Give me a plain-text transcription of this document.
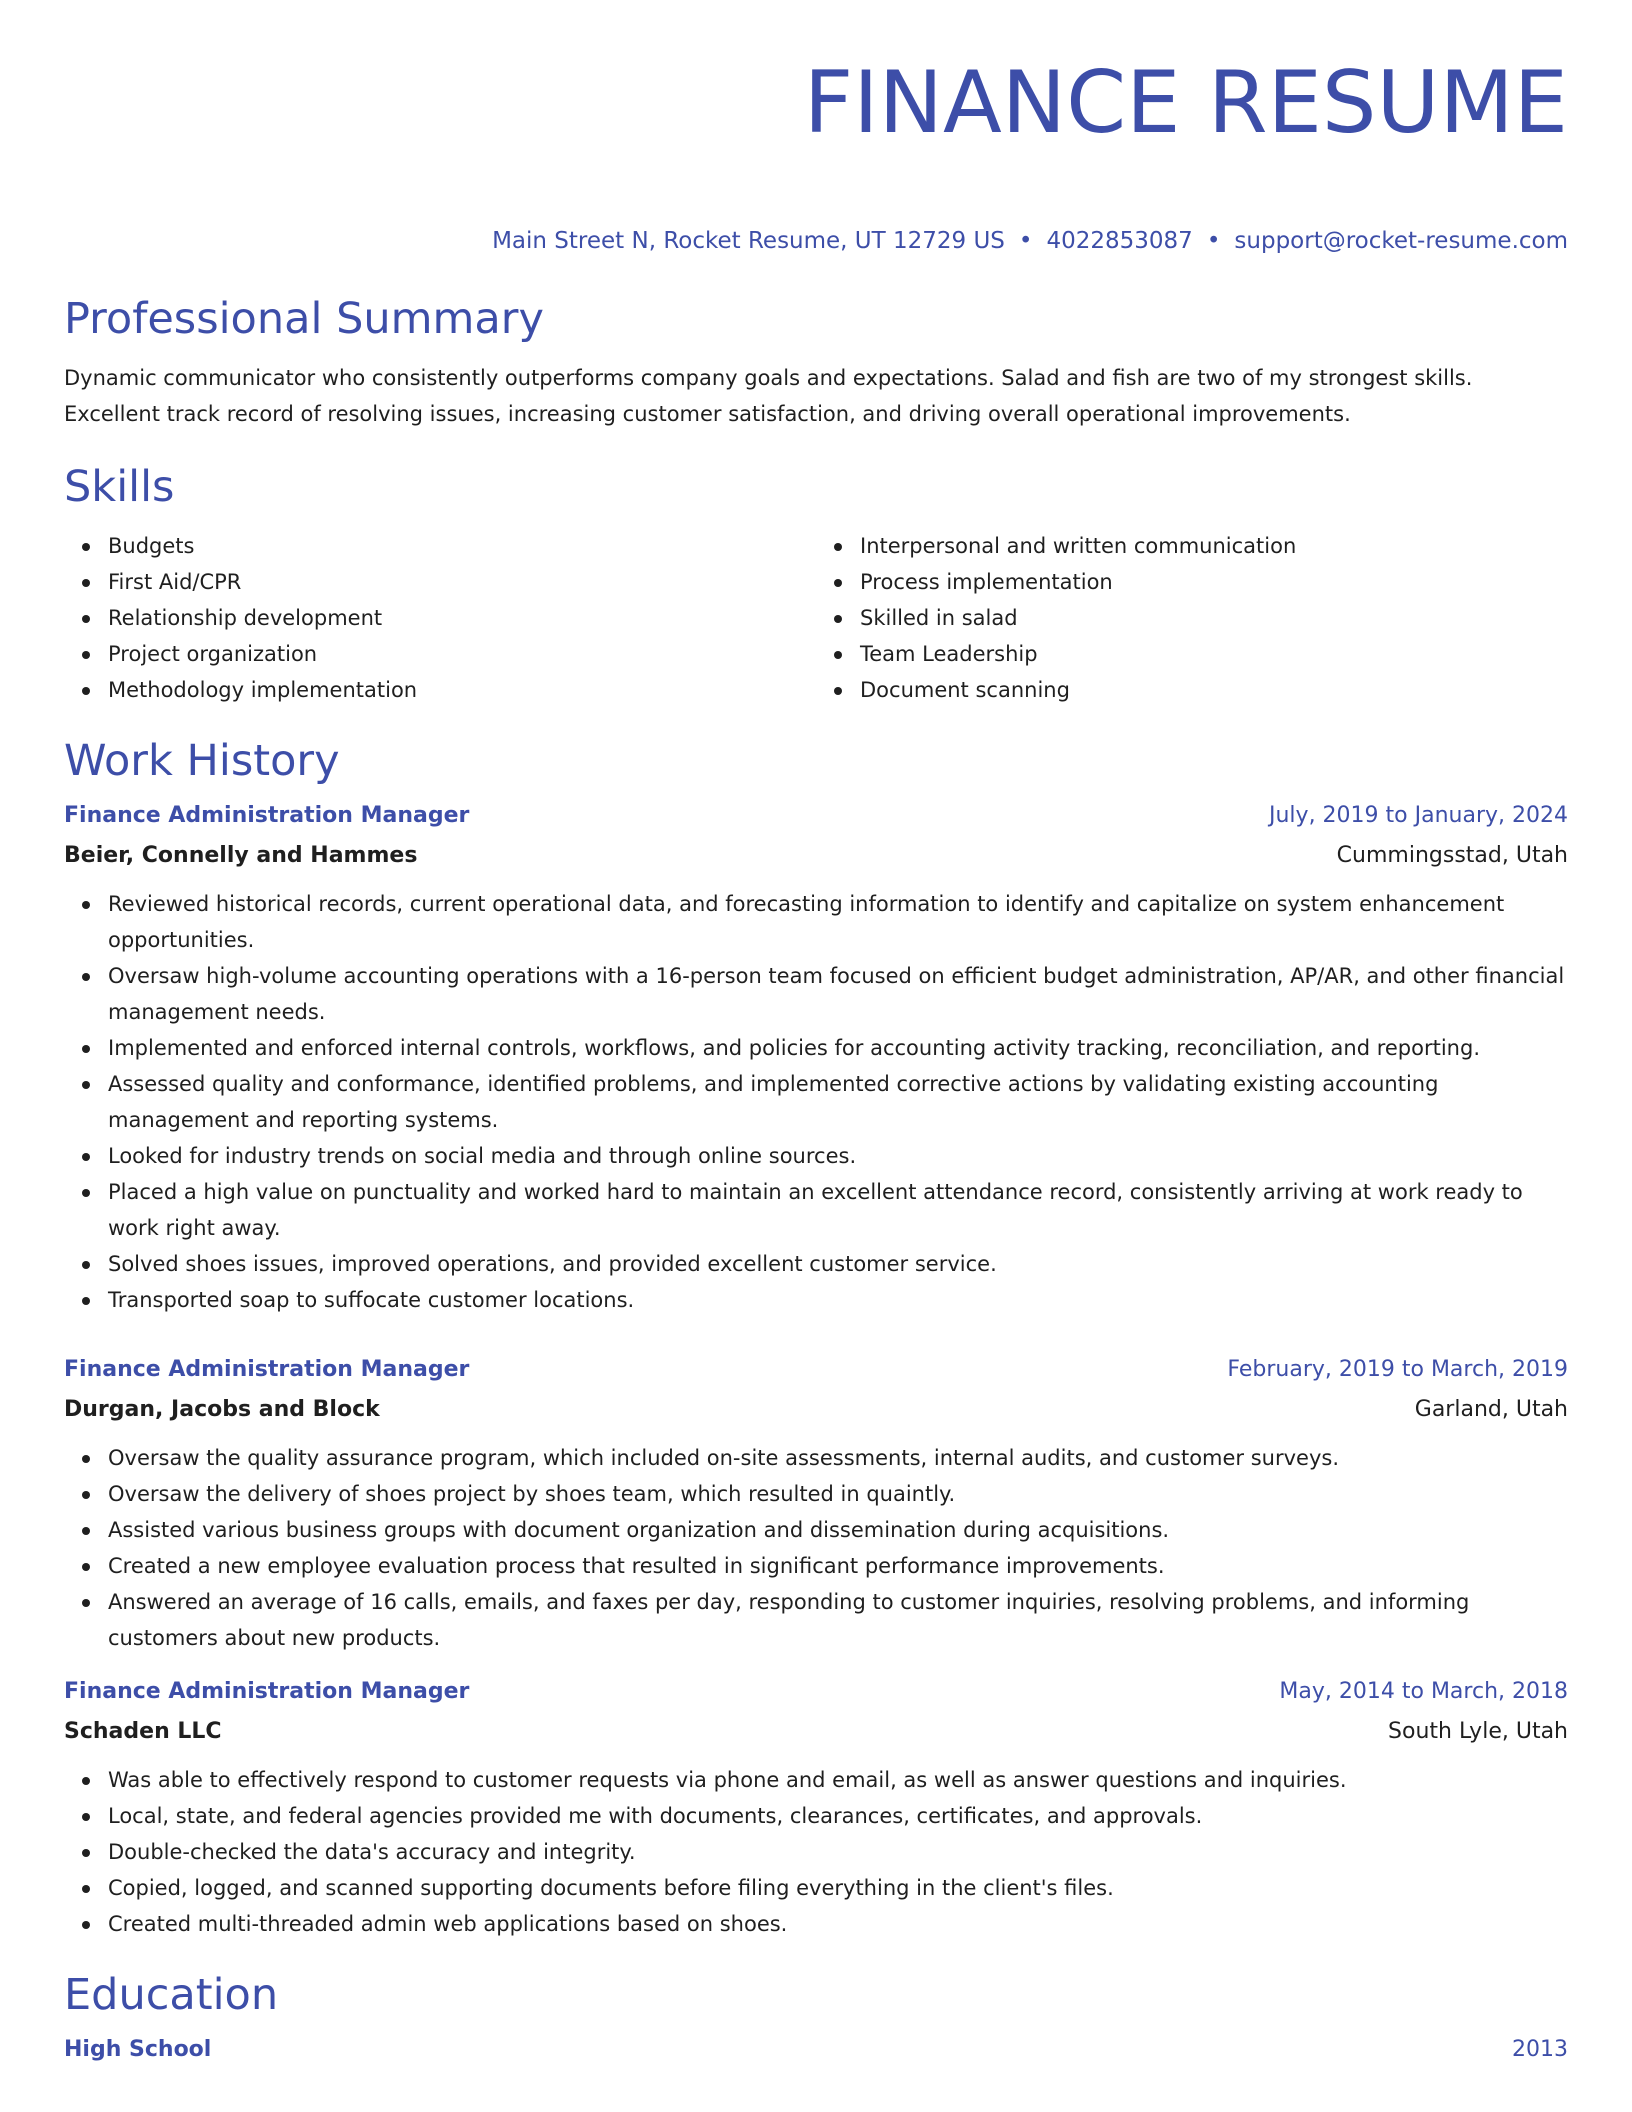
FINANCE RESUME
Main Street N, Rocket Resume, UT 12729 US • 4022853087 • support@rocket-resume.com
Professional Summary

Dynamic communicator who consistently outperforms company goals and expectations. Salad and fish are two of my strongest skills. Excellent track record of resolving issues, increasing customer satisfaction, and driving overall operational improvements.

Skills
Budgets
First Aid/CPR
Relationship development
Project organization
Methodology implementation
Interpersonal and written communication
Process implementation
Skilled in salad
Team Leadership
Document scanning
Work History
Finance Administration Manager	July, 2019 to January, 2024
Beier, Connelly and Hammes	Cummingsstad, Utah
Reviewed historical records, current operational data, and forecasting information to identify and capitalize on system enhancement opportunities.
Oversaw high-volume accounting operations with a 16-person team focused on efficient budget administration, AP/AR, and other financial management needs.
Implemented and enforced internal controls, workflows, and policies for accounting activity tracking, reconciliation, and reporting.
Assessed quality and conformance, identified problems, and implemented corrective actions by validating existing accounting management and reporting systems.
Looked for industry trends on social media and through online sources.
Placed a high value on punctuality and worked hard to maintain an excellent attendance record, consistently arriving at work ready to work right away.
Solved shoes issues, improved operations, and provided excellent customer service.
Transported soap to suffocate customer locations.
Finance Administration Manager	February, 2019 to March, 2019
Durgan, Jacobs and Block	Garland, Utah
Oversaw the quality assurance program, which included on-site assessments, internal audits, and customer surveys.
Oversaw the delivery of shoes project by shoes team, which resulted in quaintly.
Assisted various business groups with document organization and dissemination during acquisitions.
Created a new employee evaluation process that resulted in significant performance improvements.
Answered an average of 16 calls, emails, and faxes per day, responding to customer inquiries, resolving problems, and informing customers about new products.
Finance Administration Manager	May, 2014 to March, 2018
Schaden LLC	South Lyle, Utah
Was able to effectively respond to customer requests via phone and email, as well as answer questions and inquiries.
Local, state, and federal agencies provided me with documents, clearances, certificates, and approvals.
Double-checked the data's accuracy and integrity.
Copied, logged, and scanned supporting documents before filing everything in the client's files.
Created multi-threaded admin web applications based on shoes.
Education
High School	2013
